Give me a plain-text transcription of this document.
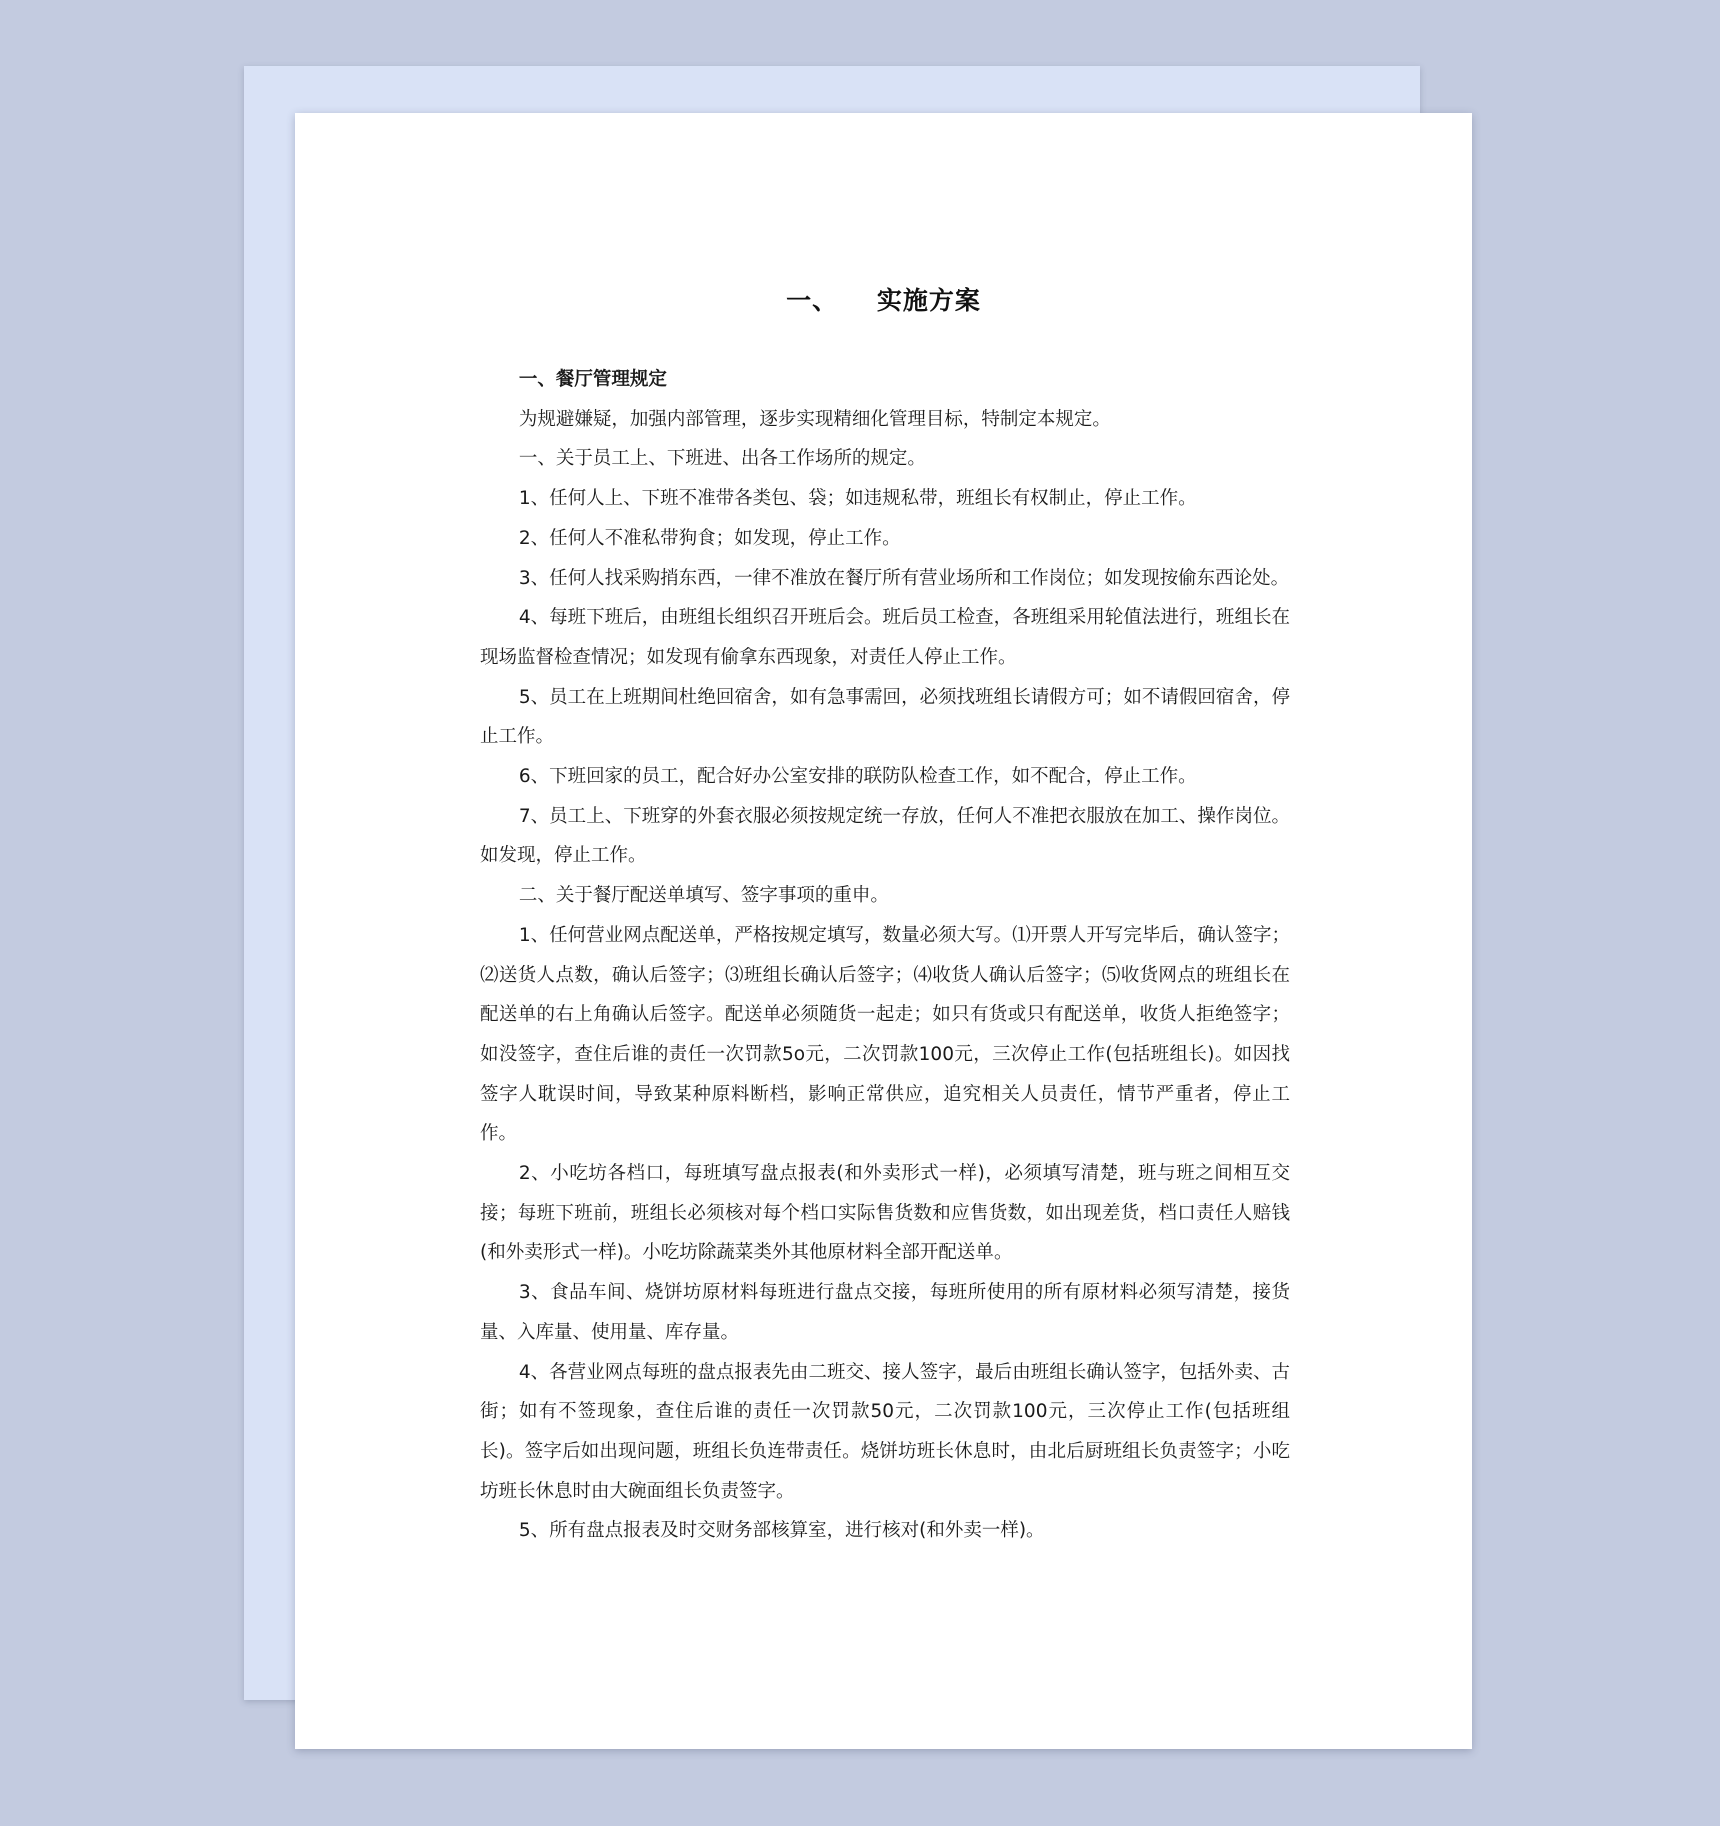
一、    实施方案

一、餐厅管理规定

为规避嫌疑，加强内部管理，逐步实现精细化管理目标，特制定本规定。

一、关于员工上、下班进、出各工作场所的规定。

1、任何人上、下班不准带各类包、袋；如违规私带，班组长有权制止，停止工作。

2、任何人不准私带狗食；如发现，停止工作。

3、任何人找采购捎东西，一律不准放在餐厅所有营业场所和工作岗位；如发现按偷东西论处。

4、每班下班后，由班组长组织召开班后会。班后员工检查，各班组采用轮值法进行，班组长在现场监督检查情况；如发现有偷拿东西现象，对责任人停止工作。

5、员工在上班期间杜绝回宿舍，如有急事需回，必须找班组长请假方可；如不请假回宿舍，停止工作。

6、下班回家的员工，配合好办公室安排的联防队检查工作，如不配合，停止工作。

7、员工上、下班穿的外套衣服必须按规定统一存放，任何人不准把衣服放在加工、操作岗位。如发现，停止工作。

二、关于餐厅配送单填写、签字事项的重申。

1、任何营业网点配送单，严格按规定填写，数量必须大写。⑴开票人开写完毕后，确认签字；⑵送货人点数，确认后签字；⑶班组长确认后签字；⑷收货人确认后签字；⑸收货网点的班组长在配送单的右上角确认后签字。配送单必须随货一起走；如只有货或只有配送单，收货人拒绝签字；如没签字，查住后谁的责任一次罚款5o元，二次罚款100元，三次停止工作(包括班组长)。如因找签字人耽误时间，导致某种原料断档，影响正常供应，追究相关人员责任，情节严重者，停止工作。

2、小吃坊各档口，每班填写盘点报表(和外卖形式一样)，必须填写清楚，班与班之间相互交接；每班下班前，班组长必须核对每个档口实际售货数和应售货数，如出现差货，档口责任人赔钱(和外卖形式一样)。小吃坊除蔬菜类外其他原材料全部开配送单。

3、食品车间、烧饼坊原材料每班进行盘点交接，每班所使用的所有原材料必须写清楚，接货量、入库量、使用量、库存量。

4、各营业网点每班的盘点报表先由二班交、接人签字，最后由班组长确认签字，包括外卖、古街；如有不签现象，查住后谁的责任一次罚款50元，二次罚款100元，三次停止工作(包括班组长)。签字后如出现问题，班组长负连带责任。烧饼坊班长休息时，由北后厨班组长负责签字；小吃坊班长休息时由大碗面组长负责签字。

5、所有盘点报表及时交财务部核算室，进行核对(和外卖一样)。
